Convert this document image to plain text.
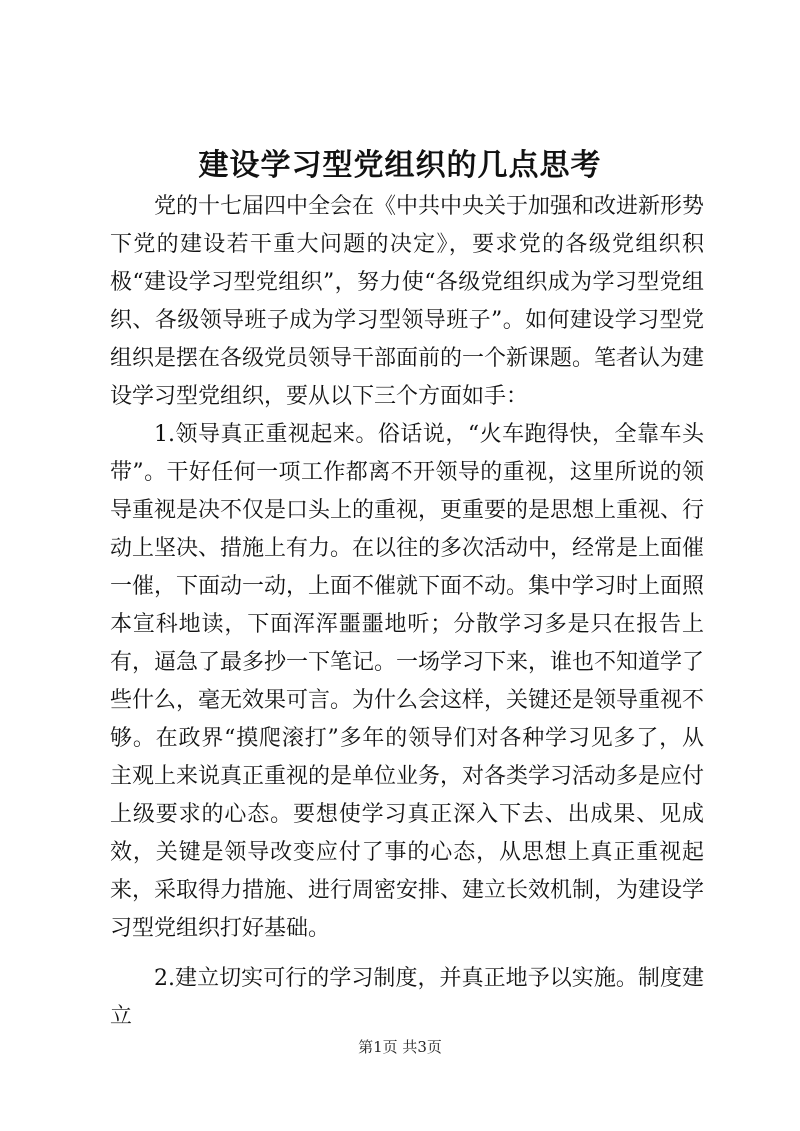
建设学习型党组织的几点思考

党的十七届四中全会在《中共中央关于加强和改进新形势下党的建设若干重大问题的决定》，要求党的各级党组织积极“建设学习型党组织”，努力使“各级党组织成为学习型党组织、各级领导班子成为学习型领导班子”。如何建设学习型党组织是摆在各级党员领导干部面前的一个新课题。笔者认为建设学习型党组织，要从以下三个方面如手：

1.领导真正重视起来。俗话说，“火车跑得快，全靠车头带”。干好任何一项工作都离不开领导的重视，这里所说的领导重视是决不仅是口头上的重视，更重要的是思想上重视、行动上坚决、措施上有力。在以往的多次活动中，经常是上面催一催，下面动一动，上面不催就下面不动。集中学习时上面照本宣科地读，下面浑浑噩噩地听；分散学习多是只在报告上有，逼急了最多抄一下笔记。一场学习下来，谁也不知道学了些什么，毫无效果可言。为什么会这样，关键还是领导重视不够。在政界“摸爬滚打”多年的领导们对各种学习见多了，从主观上来说真正重视的是单位业务，对各类学习活动多是应付上级要求的心态。要想使学习真正深入下去、出成果、见成效，关键是领导改变应付了事的心态，从思想上真正重视起来，采取得力措施、进行周密安排、建立长效机制，为建设学习型党组织打好基础。

2.建立切实可行的学习制度，并真正地予以实施。制度建立

第1页 共3页
